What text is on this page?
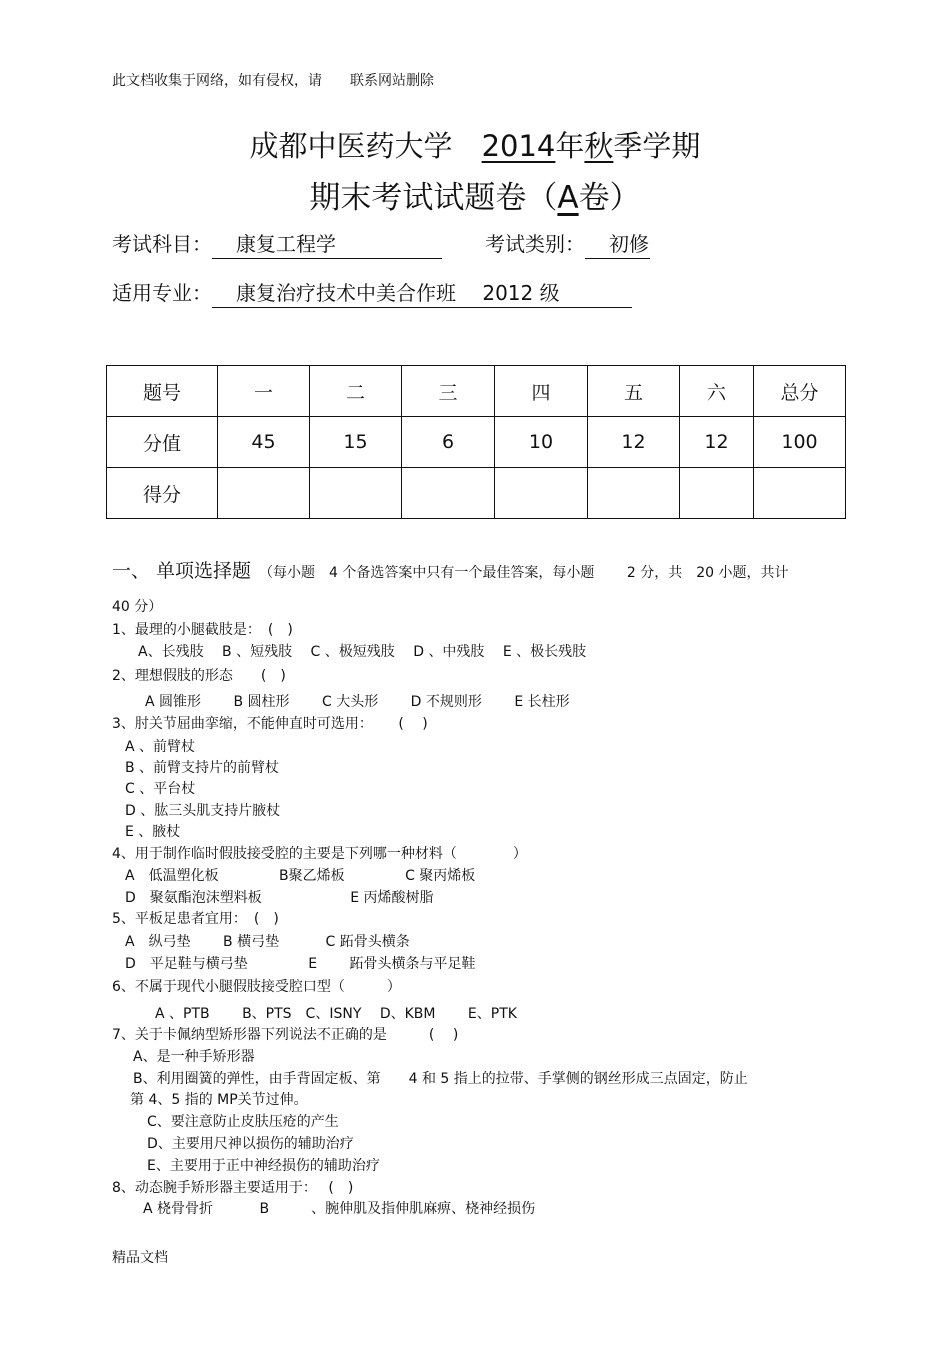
此文档收集于网络，如有侵权，请　　联系网站删除
成都中医药大学　 2014年秋季学期
期末考试试题卷（A卷）
考试科目： 康复工程学	考试类别： 初修
适用专业： 康复治疗技术中美合作班　 2012 级
题号	一	二	三	四	五	六	总分
分值	45	15	6	10	12	12	100
得分							
一、 单项选择题 （每小题　4 个备选答案中只有一个最佳答案，每小题　　 2 分，共　20 小题，共计
40 分）
1、最理的小腿截肢是：　(　)
A、长残肢　 B 、短残肢　 C 、极短残肢　 D 、中残肢　 E 、极长残肢
2、理想假肢的形态　　(　)
A 圆锥形　　 B 圆柱形　　 C 大头形　　 D 不规则形　　 E 长柱形
3、肘关节屈曲挛缩，不能伸直时可选用：　　 (　 )
A 、前臂杖
B 、前臂支持片的前臂杖
C 、平台杖
D 、肱三头肌支持片腋杖
E 、腋杖
4、用于制作临时假肢接受腔的主要是下列哪一种材料（　　　　）
A　低温塑化板　　　　 B聚乙烯板　　　　 C 聚丙烯板
D　聚氨酯泡沫塑料板　　　　　　 E 丙烯酸树脂
5、平板足患者宜用：　(　)
A　纵弓垫　　 B 横弓垫　　　 C 跖骨头横条
D　平足鞋与横弓垫　　　　 E　　 跖骨头横条与平足鞋
6、不属于现代小腿假肢接受腔口型（　　　）
A 、PTB　　 B、PTS　C、ISNY　 D、KBM　　 E、PTK
7、关于卡佩纳型矫形器下列说法不正确的是　　　(　 )
A、是一种手矫形器
B、利用圈簧的弹性，由手背固定板、第　　4 和 5 指上的拉带、手掌侧的钢丝形成三点固定，防止
第 4、5 指的 MP关节过伸。
C、要注意防止皮肤压疮的产生
D、主要用尺神以损伤的辅助治疗
E、主要用于正中神经损伤的辅助治疗
8、动态腕手矫形器主要适用于：　 (　)
A 桡骨骨折　　　 B　　　、腕伸肌及指伸肌麻痹、桡神经损伤
精品文档
